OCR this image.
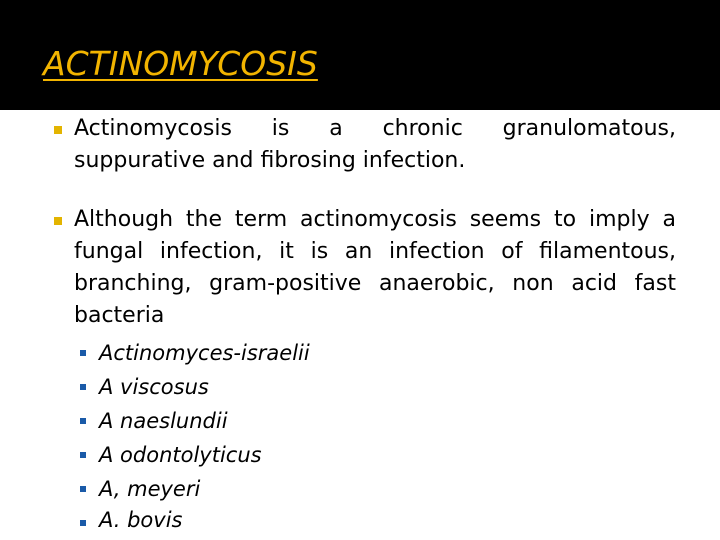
ACTINOMYCOSIS
Actinomycosis is a chronic granulomatous, suppurative and fibrosing infection.
Although the term actinomycosis seems to imply a fungal infection, it is an infection of filamentous, branching, gram-positive anaerobic, non acid fast bacteria
Actinomyces-israelii
A viscosus
A naeslundii
A odontolyticus
A, meyeri
A. bovis
